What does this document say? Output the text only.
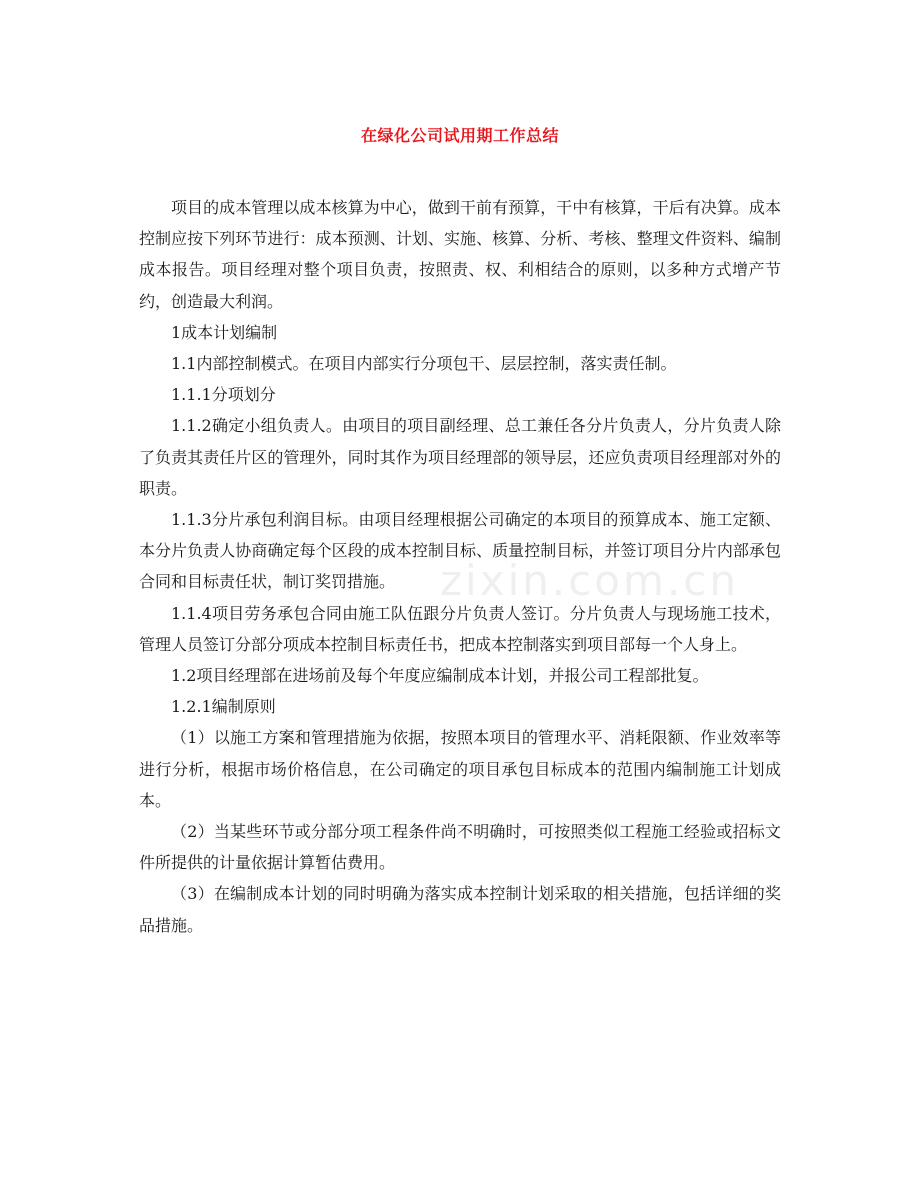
在绿化公司试用期工作总结

项目的成本管理以成本核算为中心，做到干前有预算，干中有核算，干后有决算。成本控制应按下列环节进行：成本预测、计划、实施、核算、分析、考核、整理文件资料、编制成本报告。项目经理对整个项目负责，按照责、权、利相结合的原则，以多种方式增产节约，创造最大利润。

1成本计划编制

1.1内部控制模式。在项目内部实行分项包干、层层控制，落实责任制。

1.1.1分项划分

1.1.2确定小组负责人。由项目的项目副经理、总工兼任各分片负责人，分片负责人除了负责其责任片区的管理外，同时其作为项目经理部的领导层，还应负责项目经理部对外的职责。

1.1.3分片承包利润目标。由项目经理根据公司确定的本项目的预算成本、施工定额、本分片负责人协商确定每个区段的成本控制目标、质量控制目标，并签订项目分片内部承包合同和目标责任状，制订奖罚措施。

1.1.4项目劳务承包合同由施工队伍跟分片负责人签订。分片负责人与现场施工技术，管理人员签订分部分项成本控制目标责任书，把成本控制落实到项目部每一个人身上。

1.2项目经理部在进场前及每个年度应编制成本计划，并报公司工程部批复。

1.2.1编制原则

（1）以施工方案和管理措施为依据，按照本项目的管理水平、消耗限额、作业效率等进行分析，根据市场价格信息，在公司确定的项目承包目标成本的范围内编制施工计划成本。

（2）当某些环节或分部分项工程条件尚不明确时，可按照类似工程施工经验或招标文件所提供的计量依据计算暂估费用。

（3）在编制成本计划的同时明确为落实成本控制计划采取的相关措施，包括详细的奖品措施。

zixin.com.cn
